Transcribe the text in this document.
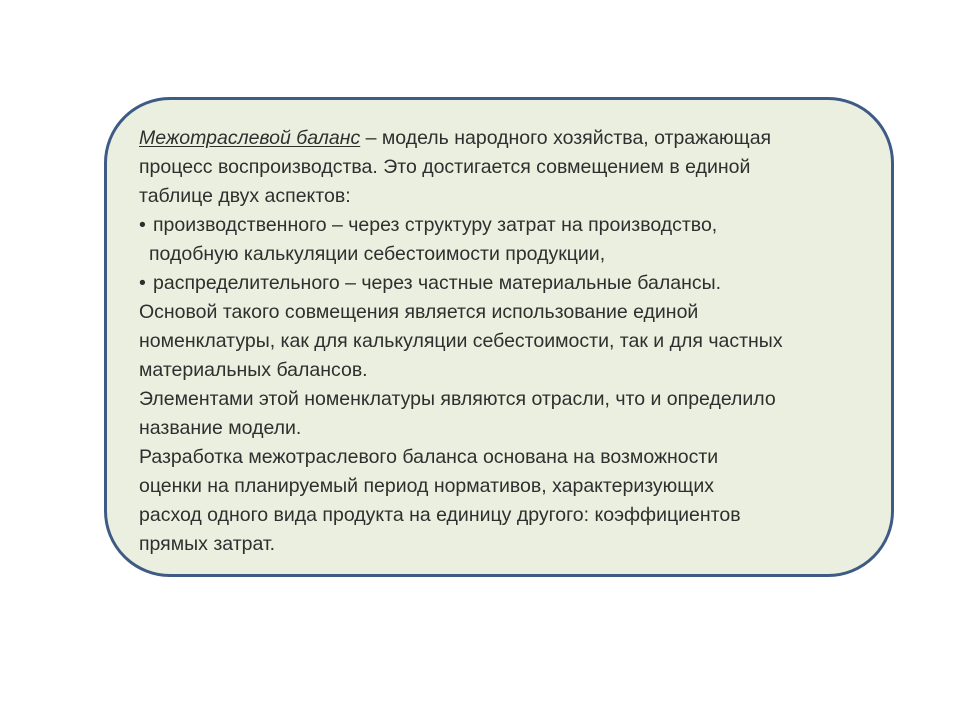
Межотраслевой баланс – модель народного хозяйства, отражающая
процесс воспроизводства. Это достигается совмещением в единой
таблице двух аспектов:
• производственного – через структуру затрат на производство,
подобную калькуляции себестоимости продукции,
• распределительного – через частные материальные балансы.
Основой такого совмещения является использование единой
номенклатуры, как для калькуляции себестоимости, так и для частных
материальных балансов.
Элементами этой номенклатуры являются отрасли, что и определило
название модели.
Разработка межотраслевого баланса основана на возможности
оценки на планируемый период нормативов, характеризующих
расход одного вида продукта на единицу другого: коэффициентов
прямых затрат.
